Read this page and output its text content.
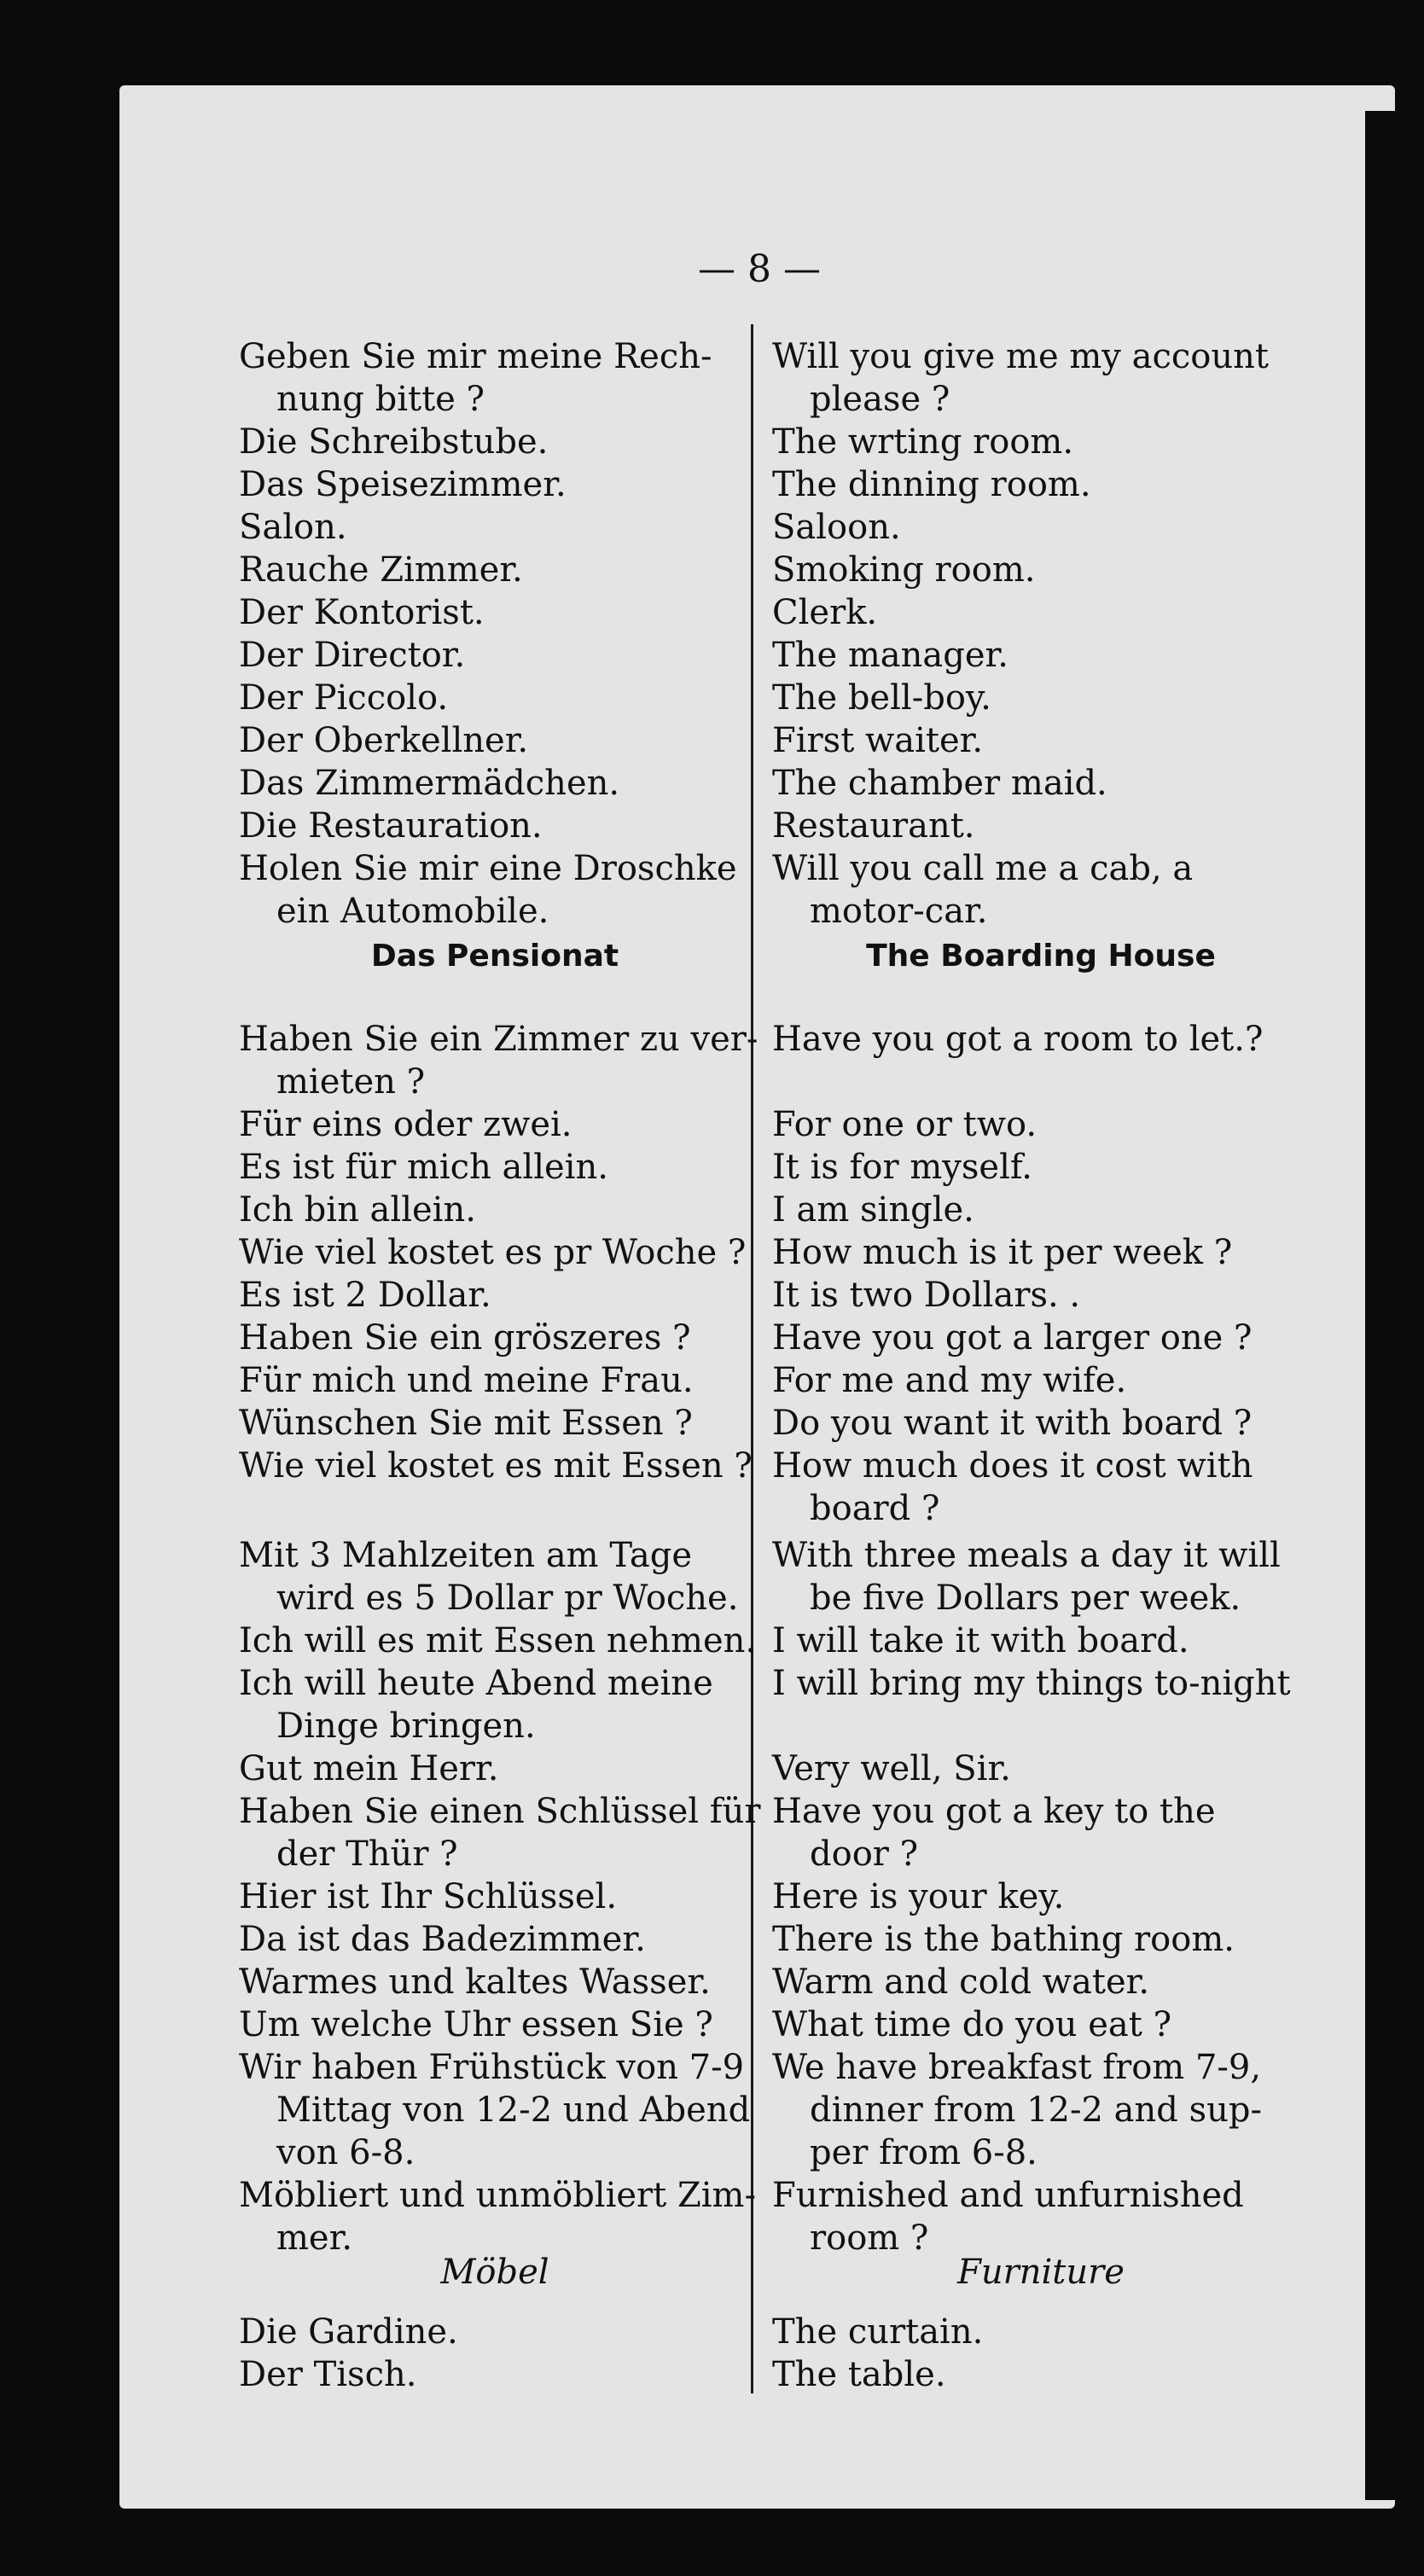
— 8 —
Geben Sie mir meine Rech-
nung bitte ?
Die Schreibstube.
Das Speisezimmer.
Salon.
Rauche Zimmer.
Der Kontorist.
Der Director.
Der Piccolo.
Der Oberkellner.
Das Zimmermädchen.
Die Restauration.
Holen Sie mir eine Droschke
ein Automobile.
Das Pensionat
Haben Sie ein Zimmer zu ver-
mieten ?
Für eins oder zwei.
Es ist für mich allein.
Ich bin allein.
Wie viel kostet es pr Woche ?
Es ist 2 Dollar.
Haben Sie ein gröszeres ?
Für mich und meine Frau.
Wünschen Sie mit Essen ?
Wie viel kostet es mit Essen ?
Mit 3 Mahlzeiten am Tage
wird es 5 Dollar pr Woche.
Ich will es mit Essen nehmen.
Ich will heute Abend meine
Dinge bringen.
Gut mein Herr.
Haben Sie einen Schlüssel für
der Thür ?
Hier ist Ihr Schlüssel.
Da ist das Badezimmer.
Warmes und kaltes Wasser.
Um welche Uhr essen Sie ?
Wir haben Frühstück von 7-9
Mittag von 12-2 und Abend
von 6-8.
Möbliert und unmöbliert Zim-
mer.
Möbel
Die Gardine.
Der Tisch.
Will you give me my account
please ?
The wrting room.
The dinning room.
Saloon.
Smoking room.
Clerk.
The manager.
The bell-boy.
First waiter.
The chamber maid.
Restaurant.
Will you call me a cab, a
motor-car.
The Boarding House
Have you got a room to let.?
For one or two.
It is for myself.
I am single.
How much is it per week ?
It is two Dollars. .
Have you got a larger one ?
For me and my wife.
Do you want it with board ?
How much does it cost with
board ?
With three meals a day it will
be five Dollars per week.
I will take it with board.
I will bring my things to-night
Very well, Sir.
Have you got a key to the
door ?
Here is your key.
There is the bathing room.
Warm and cold water.
What time do you eat ?
We have breakfast from 7-9,
dinner from 12-2 and sup-
per from 6-8.
Furnished and unfurnished
room ?
Furniture
The curtain.
The table.
